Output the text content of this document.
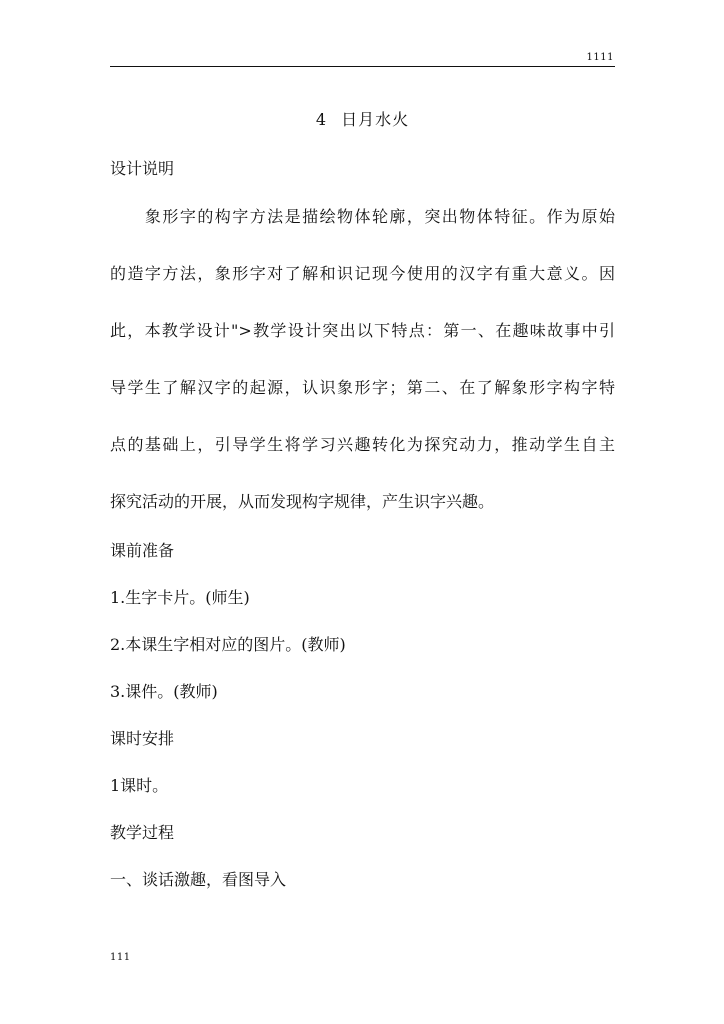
1111
4 日月水火
设计说明
　　象形字的构字方法是描绘物体轮廓，突出物体特征。作为原始
的造字方法，象形字对了解和识记现今使用的汉字有重大意义。因
此，本教学设计">教学设计突出以下特点：第一、在趣味故事中引
导学生了解汉字的起源，认识象形字；第二、在了解象形字构字特
点的基础上，引导学生将学习兴趣转化为探究动力，推动学生自主
探究活动的开展，从而发现构字规律，产生识字兴趣。
课前准备
1.生字卡片。(师生)
2.本课生字相对应的图片。(教师)
3.课件。(教师)
课时安排
1课时。
教学过程
一、谈话激趣，看图导入
111
